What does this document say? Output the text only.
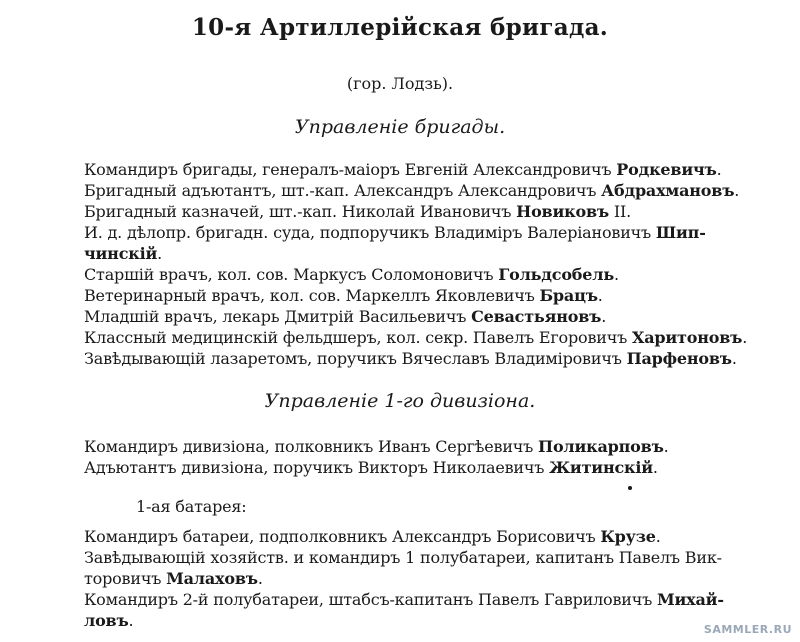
10-я Артиллерійская бригада.
(гор. Лодзь).
Управленіе бригады.
Командиръ бригады, генералъ-маіоръ Евгеній Александровичъ Родкевичъ.
Бригадный адъютантъ, шт.-кап. Александръ Александровичъ Абдрахмановъ.
Бригадный казначей, шт.-кап. Николай Ивановичъ Новиковъ II.
И. д. дѣлопр. бригадн. суда, подпоручикъ Владиміръ Валеріановичъ Шип-
чинскій.
Старшій врачъ, кол. сов. Маркусъ Соломоновичъ Гольдсобель.
Ветеринарный врачъ, кол. сов. Маркеллъ Яковлевичъ Брацъ.
Младшій врачъ, лекарь Дмитрій Васильевичъ Севастьяновъ.
Классный медицинскій фельдшеръ, кол. секр. Павелъ Егоровичъ Харитоновъ.
Завѣдывающій лазаретомъ, поручикъ Вячеславъ Владиміровичъ Парфеновъ.
Управленіе 1-го дивизіона.
Командиръ дивизіона, полковникъ Иванъ Сергѣевичъ Поликарповъ.
Адъютантъ дивизіона, поручикъ Викторъ Николаевичъ Житинскій.
1-ая батарея:
Командиръ батареи, подполковникъ Александръ Борисовичъ Крузе.
Завѣдывающій хозяйств. и командиръ 1 полубатареи, капитанъ Павелъ Вик-
торовичъ Малаховъ.
Командиръ 2-й полубатареи, штабсъ-капитанъ Павелъ Гавриловичъ Михай-
ловъ.	SAMMLER.RU
